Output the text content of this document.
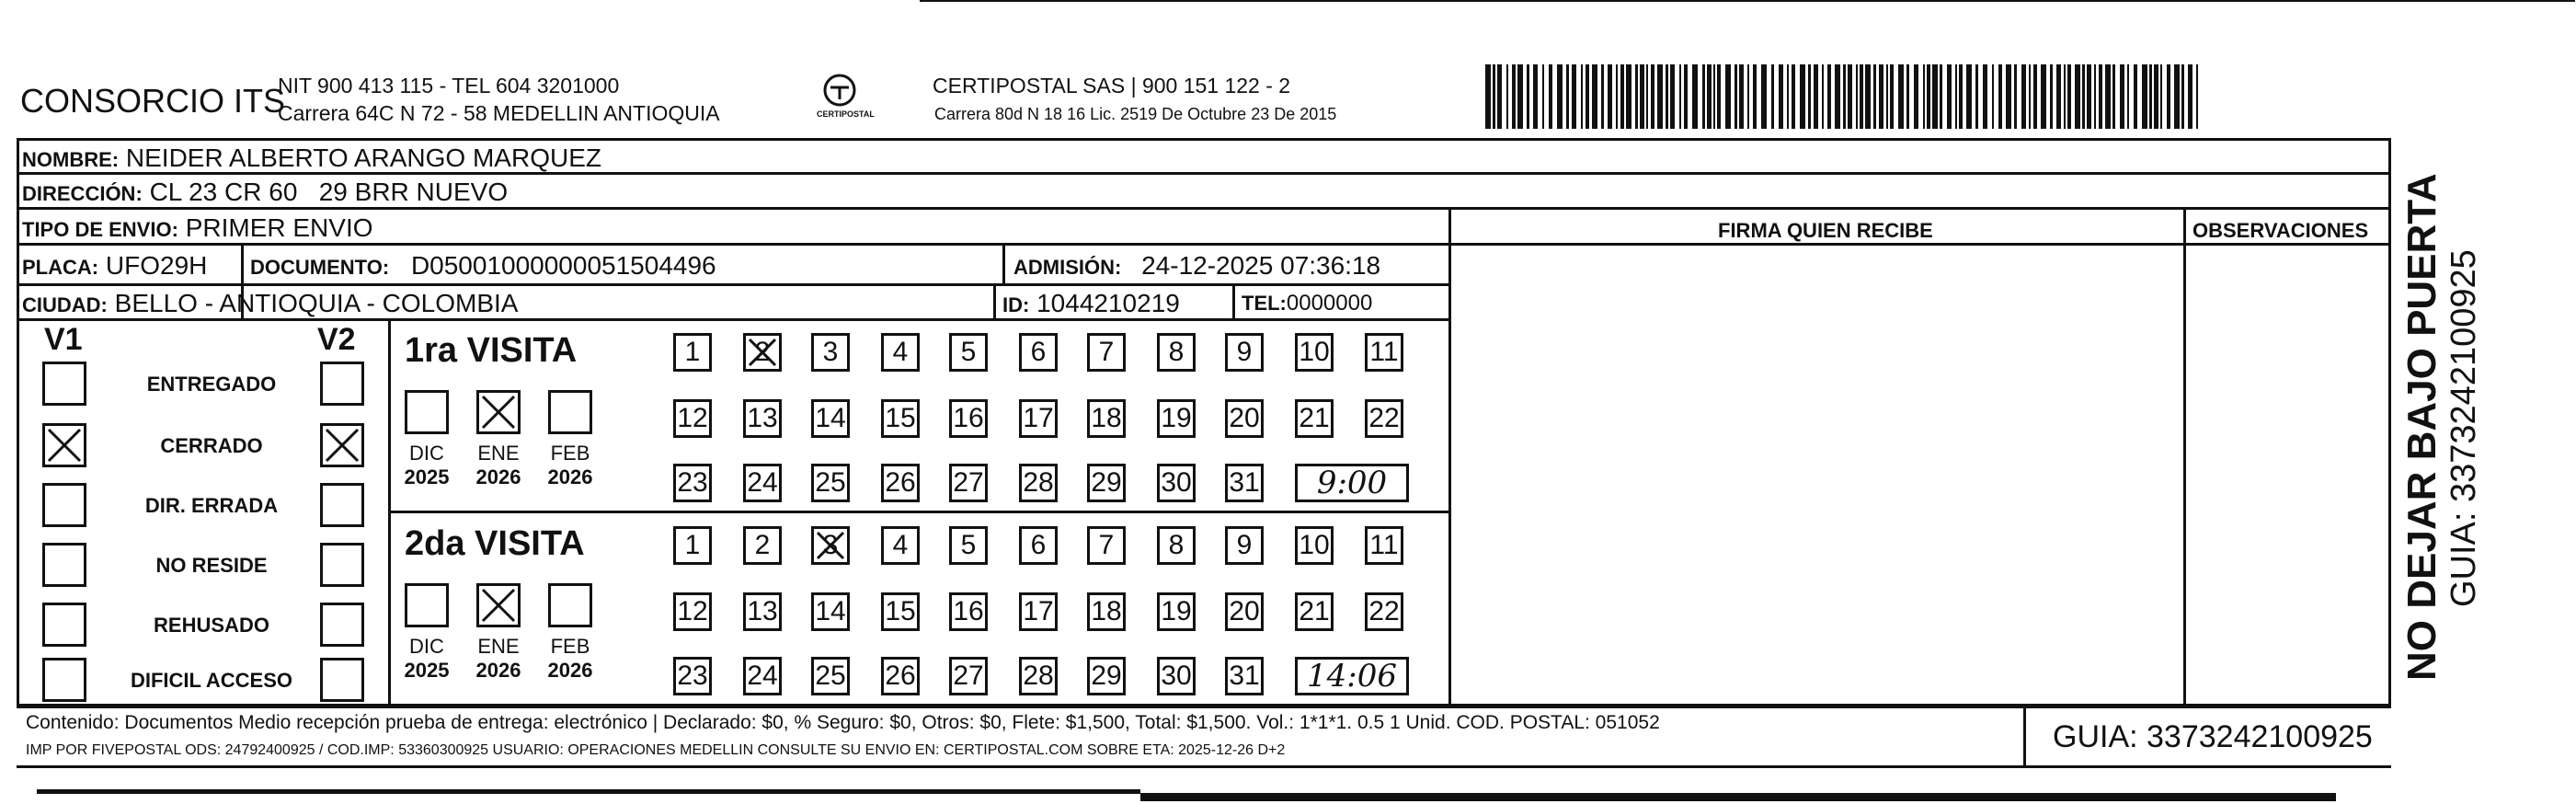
CONSORCIO ITS
NIT 900 413 115 - TEL 604 3201000
Carrera 64C N 72 - 58 MEDELLIN ANTIOQUIA	CERTIPOSTAL
CERTIPOSTAL SAS | 900 151 122 - 2
Carrera 80d N 18 16 Lic. 2519 De Octubre 23 De 2015
NOMBRE: NEIDER ALBERTO ARANGO MARQUEZ
DIRECCIÓN: CL 23 CR 60   29 BRR NUEVO
TIPO DE ENVIO: PRIMER ENVIO	FIRMA QUIEN RECIBE	OBSERVACIONES
PLACA: UFO29H DOCUMENTO: D05001000000051504496	ADMISIÓN: 24-12-2025 07:36:18
CIUDAD: BELLO - ANTIOQUIA - COLOMBIA	ID: 1044210219	TEL:0000000
V1	V2
ENTREGADO
CERRADO
DIR. ERRADA
NO RESIDE
REHUSADO
DIFICIL ACCESO
1ra VISITA
DIC
2025
ENE
2026
FEB
2026
1	2	3	4	5	6	7	8	9	10 11
12 13 14 15 16 17 18 19 20 21 22
23 24 25 26 27 28 29 30 31	9:00
2da VISITA
DIC
2025
ENE
2026
FEB
2026
1	2	3	4	5	6	7	8	9	10 11
12 13 14 15 16 17 18 19 20 21 22
23 24 25 26 27 28 29 30 31	14:06
Contenido: Documentos Medio recepción prueba de entrega: electrónico | Declarado: $0, % Seguro: $0, Otros: $0, Flete: $1,500, Total: $1,500. Vol.: 1*1*1. 0.5 1 Unid. COD. POSTAL: 051052
IMP POR FIVEPOSTAL ODS: 24792400925 / COD.IMP: 53360300925 USUARIO: OPERACIONES MEDELLIN CONSULTE SU ENVIO EN: CERTIPOSTAL.COM SOBRE ETA: 2025-12-26 D+2	GUIA: 3373242100925
NO DEJAR BAJO PUERTA GUIA: 3373242100925
